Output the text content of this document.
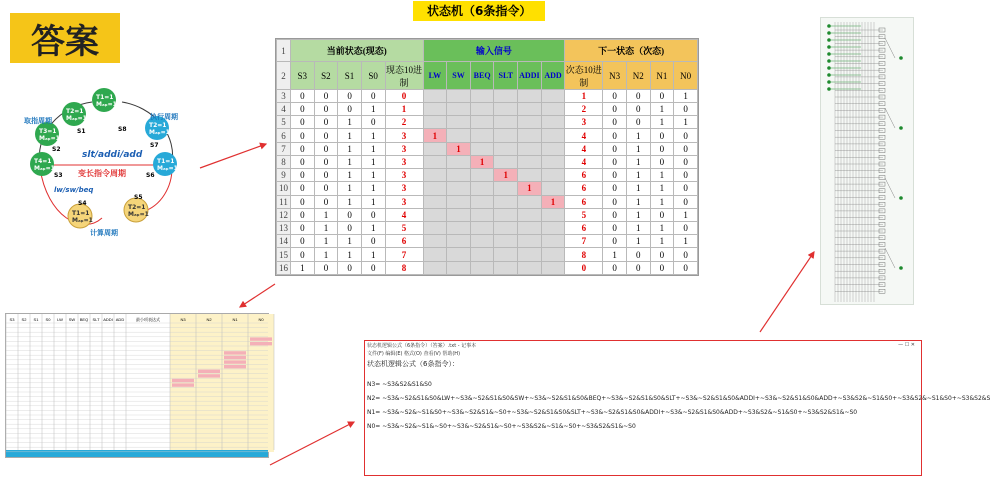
答案
状态机（6条指令）
T1=1
Mₐₚ=1
T2=1
Mₐₚ=1
T3=1
Mₐₚ=1
T4=1
Mₐₚ=1
T1=1
Mₐₚ=1
T2=1
Mₐₚ=1
T1=1
Mₐₚ=1
T2=1
Mₐₚ=1
S1
S2
S3	S6
S7
S8
S4
S5
取指周期	执行周期
计算周期
变长指令周期
slt/addi/add
lw/sw/beq
1	当前状态(现态)					输入信号						下一状态（次态)				
2	S3	S2	S1	S0	现态10进制	LW	SW	BEQ	SLT	ADDI	ADD	次态10进制	N3	N2	N1	N0
3	0	0	0	0	0							1	0	0	0	1
4	0	0	0	1	1							2	0	0	1	0
5	0	0	1	0	2							3	0	0	1	1
6	0	0	1	1	3	1						4	0	1	0	0
7	0	0	1	1	3		1					4	0	1	0	0
8	0	0	1	1	3			1				4	0	1	0	0
9	0	0	1	1	3				1			6	0	1	1	0
10	0	0	1	1	3					1		6	0	1	1	0
11	0	0	1	1	3						1	6	0	1	1	0
12	0	1	0	0	4							5	0	1	0	1
13	0	1	0	1	5							6	0	1	1	0
14	0	1	1	0	6							7	0	1	1	1
15	0	1	1	1	7							8	1	0	0	0
16	1	0	0	0	8							0	0	0	0	0
S3 S2 S1 S0 LW SW BEQ SLT ADDI ADD	最小项表达式	N3	N2	N1	N0
状态机逻辑公式（6条指令）（答案）.txt - 记事本	— ☐ ✕
文件(F) 编辑(E) 格式(O) 查看(V) 帮助(H)
状态机逻辑公式（6条指令）：
N3= ~S3&S2&S1&S0
N2= ~S3&~S2&S1&S0&LW+~S3&~S2&S1&S0&SW+~S3&~S2&S1&S0&BEQ+~S3&~S2&S1&S0&SLT+~S3&~S2&S1&S0&ADDI+~S3&~S2&S1&S0&ADD+~S3&S2&~S1&S0+~S3&S2&~S1&S0+~S3&S2&S
N1= ~S3&~S2&~S1&S0+~S3&~S2&S1&~S0+~S3&~S2&S1&S0&SLT+~S3&~S2&S1&S0&ADDI+~S3&~S2&S1&S0&ADD+~S3&S2&~S1&S0+~S3&S2&S1&~S0
N0= ~S3&~S2&~S1&~S0+~S3&~S2&S1&~S0+~S3&S2&~S1&~S0+~S3&S2&S1&~S0
